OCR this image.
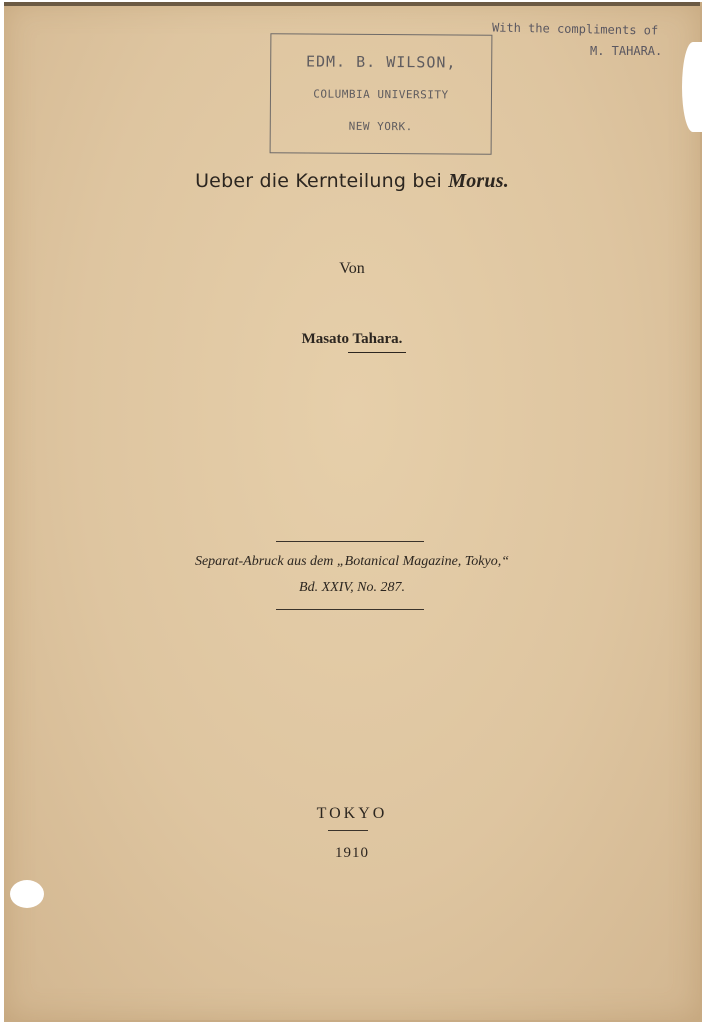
EDM. B. WILSON,
COLUMBIA UNIVERSITY
NEW YORK.
With the compliments of
M. TAHARA.
Ueber die Kernteilung bei Morus.
Von
Masato Tahara.
Separat-Abruck aus dem „Botanical Magazine, Tokyo,“
Bd. XXIV, No. 287.
TOKYO
1910
